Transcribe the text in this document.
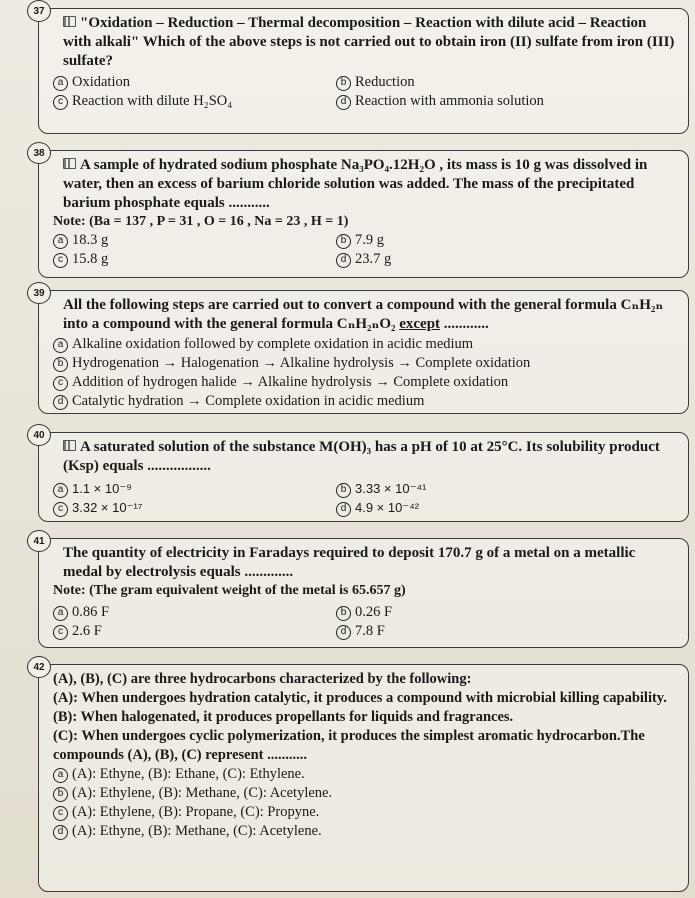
37
"Oxidation – Reduction – Thermal decomposition – Reaction with dilute acid – Reaction with alkali" Which of the above steps is not carried out to obtain iron (II) sulfate from iron (III) sulfate?
a Oxidation	b Reduction
c Reaction with dilute H₂SO₄	d Reaction with ammonia solution
38
A sample of hydrated sodium phosphate Na₃PO₄.12H₂O , its mass is 10 g was dissolved in water, then an excess of barium chloride solution was added. The mass of the precipitated barium phosphate equals ...........
Note: (Ba = 137 , P = 31 , O = 16 , Na = 23 , H = 1)
a 18.3 g	b 7.9 g
c 15.8 g	d 23.7 g
39
All the following steps are carried out to convert a compound with the general formula CₙH₂ₙ into a compound with the general formula CₙH₂ₙO₂ except ............
a Alkaline oxidation followed by complete oxidation in acidic medium
b Hydrogenation → Halogenation → Alkaline hydrolysis → Complete oxidation
c Addition of hydrogen halide → Alkaline hydrolysis → Complete oxidation
d Catalytic hydration → Complete oxidation in acidic medium
40
A saturated solution of the substance M(OH)₃ has a pH of 10 at 25°C. Its solubility product (Ksp) equals .................
a 1.1 × 10⁻⁹	b 3.33 × 10⁻⁴¹
c 3.32 × 10⁻¹⁷	d 4.9 × 10⁻⁴²
41
The quantity of electricity in Faradays required to deposit 170.7 g of a metal on a metallic medal by electrolysis equals .............
Note: (The gram equivalent weight of the metal is 65.657 g)
a 0.86 F	b 0.26 F
c 2.6 F	d 7.8 F
42
(A), (B), (C) are three hydrocarbons characterized by the following:
(A): When undergoes hydration catalytic, it produces a compound with microbial killing capability.
(B): When halogenated, it produces propellants for liquids and fragrances.
(C): When undergoes cyclic polymerization, it produces the simplest aromatic hydrocarbon.The compounds (A), (B), (C) represent ...........
a (A): Ethyne, (B): Ethane, (C): Ethylene.
b (A): Ethylene, (B): Methane, (C): Acetylene.
c (A): Ethylene, (B): Propane, (C): Propyne.
d (A): Ethyne, (B): Methane, (C): Acetylene.
